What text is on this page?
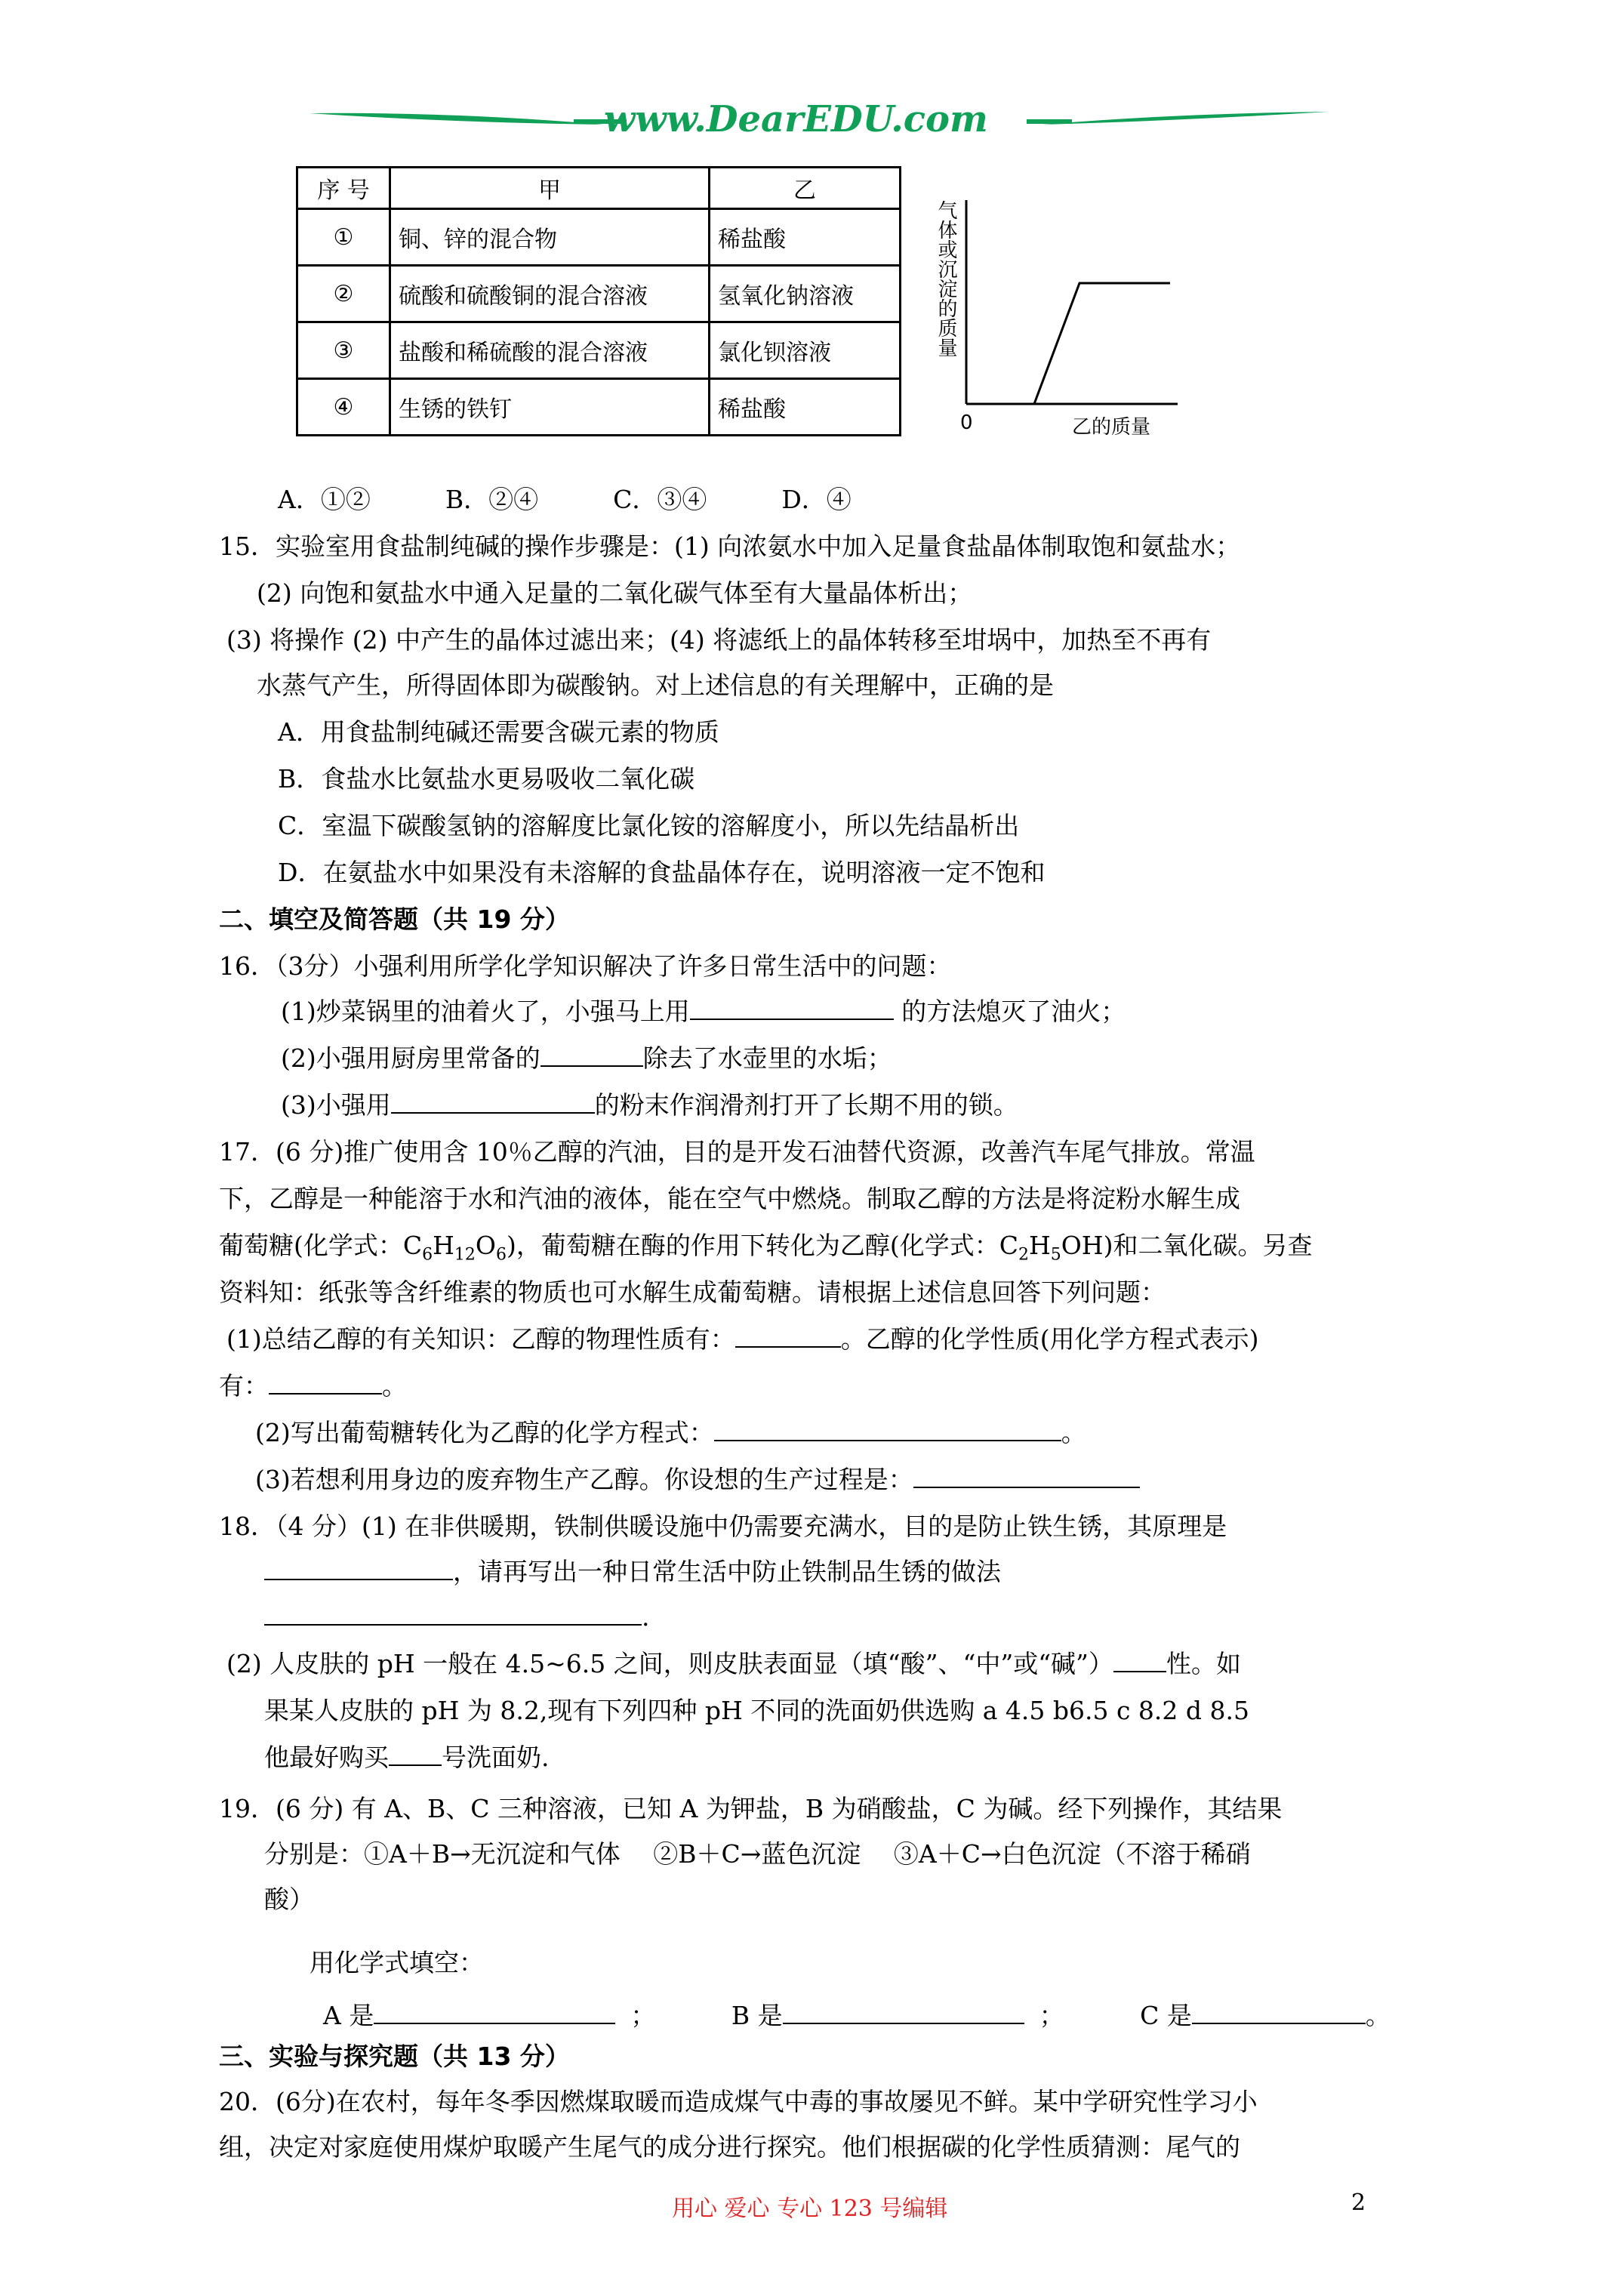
www.DearEDU.com
序 号	甲	乙
①	铜、锌的混合物	稀盐酸
②	硫酸和硫酸铜的混合溶液	氢氧化钠溶液
③	盐酸和稀硫酸的混合溶液	氯化钡溶液
④	生锈的铁钉	稀盐酸
气体或沉淀的质量
0	乙的质量
A．①②　　　B．②④　　　C．③④　　　D．④
15．实验室用食盐制纯碱的操作步骤是：(1) 向浓氨水中加入足量食盐晶体制取饱和氨盐水；
(2) 向饱和氨盐水中通入足量的二氧化碳气体至有大量晶体析出；
(3) 将操作 (2) 中产生的晶体过滤出来；(4) 将滤纸上的晶体转移至坩埚中，加热至不再有
水蒸气产生，所得固体即为碳酸钠。对上述信息的有关理解中，正确的是
A．用食盐制纯碱还需要含碳元素的物质
B．食盐水比氨盐水更易吸收二氧化碳
C．室温下碳酸氢钠的溶解度比氯化铵的溶解度小，所以先结晶析出
D．在氨盐水中如果没有未溶解的食盐晶体存在，说明溶液一定不饱和
二、填空及简答题（共 19 分）
16．（3分）小强利用所学化学知识解决了许多日常生活中的问题：
(1)炒菜锅里的油着火了，小强马上用	的方法熄灭了油火；
(2)小强用厨房里常备的	除去了水壶里的水垢；
(3)小强用	的粉末作润滑剂打开了长期不用的锁。
17．(6 分)推广使用含 10％乙醇的汽油，目的是开发石油替代资源，改善汽车尾气排放。常温
下，乙醇是一种能溶于水和汽油的液体，能在空气中燃烧。制取乙醇的方法是将淀粉水解生成
葡萄糖(化学式：$C_6H_{12}O_6$)，葡萄糖在酶的作用下转化为乙醇(化学式：$C_2H_5OH$)和二氧化碳。另查
资料知：纸张等含纤维素的物质也可水解生成葡萄糖。请根据上述信息回答下列问题：
(1)总结乙醇的有关知识：乙醇的物理性质有：	。乙醇的化学性质(用化学方程式表示)
有：	。
(2)写出葡萄糖转化为乙醇的化学方程式：	。
(3)若想利用身边的废弃物生产乙醇。你设想的生产过程是：
18．（4 分）(1) 在非供暖期，铁制供暖设施中仍需要充满水，目的是防止铁生锈，其原理是
，请再写出一种日常生活中防止铁制品生锈的做法
.
(2) 人皮肤的 pH 一般在 4.5~6.5 之间，则皮肤表面显（填“酸”、“中”或“碱”） 性。如
果某人皮肤的 pH 为 8.2,现有下列四种 pH 不同的洗面奶供选购 a 4.5 b6.5 c 8.2 d 8.5
他最好购买 号洗面奶.
19．(6 分) 有 A、B、C 三种溶液，已知 A 为钾盐，B 为硝酸盐，C 为碱。经下列操作，其结果
分别是：①A＋B→无沉淀和气体　 ②B＋C→蓝色沉淀　 ③A＋C→白色沉淀（不溶于稀硝
酸）
用化学式填空：
A 是	；	B 是	；	C 是	。
三、实验与探究题（共 13 分）
20．(6分)在农村，每年冬季因燃煤取暖而造成煤气中毒的事故屡见不鲜。某中学研究性学习小
组，决定对家庭使用煤炉取暖产生尾气的成分进行探究。他们根据碳的化学性质猜测：尾气的
用心 爱心 专心 123 号编辑	2
